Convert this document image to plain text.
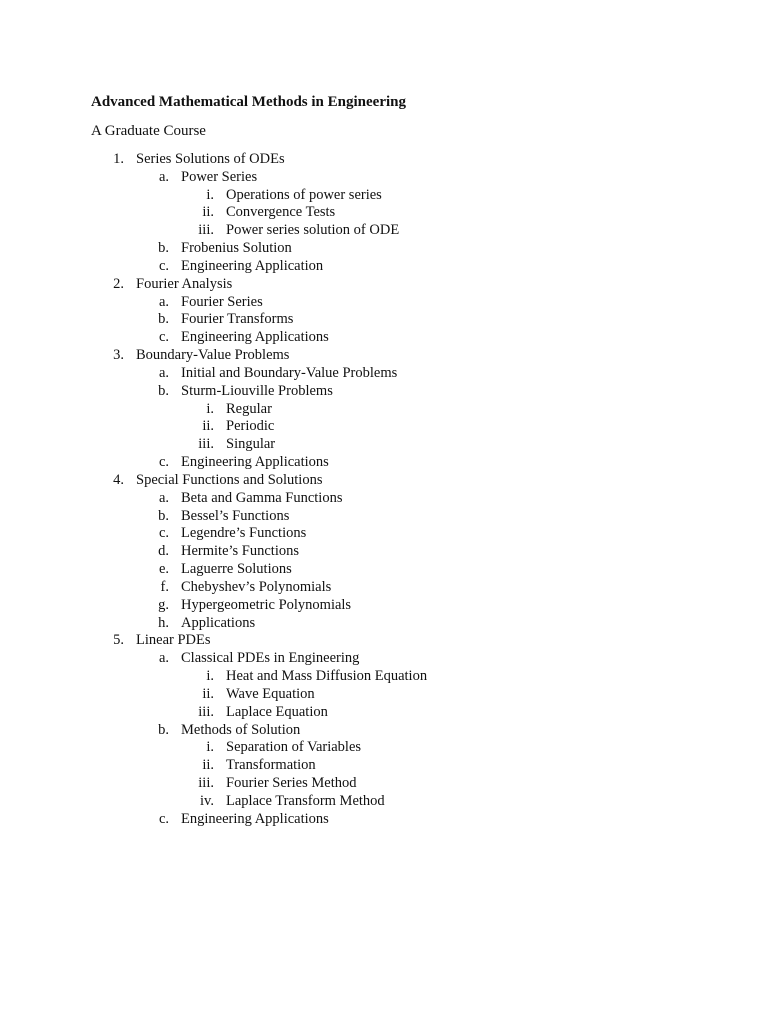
Advanced Mathematical Methods in Engineering
A Graduate Course
1. Series Solutions of ODEs
a. Power Series
i. Operations of power series
ii. Convergence Tests
iii. Power series solution of ODE
b. Frobenius Solution
c. Engineering Application
2. Fourier Analysis
a. Fourier Series
b. Fourier Transforms
c. Engineering Applications
3. Boundary-Value Problems
a. Initial and Boundary-Value Problems
b. Sturm-Liouville Problems
i. Regular
ii. Periodic
iii. Singular
c. Engineering Applications
4. Special Functions and Solutions
a. Beta and Gamma Functions
b. Bessel’s Functions
c. Legendre’s Functions
d. Hermite’s Functions
e. Laguerre Solutions
f. Chebyshev’s Polynomials
g. Hypergeometric Polynomials
h. Applications
5. Linear PDEs
a. Classical PDEs in Engineering
i. Heat and Mass Diffusion Equation
ii. Wave Equation
iii. Laplace Equation
b. Methods of Solution
i. Separation of Variables
ii. Transformation
iii. Fourier Series Method
iv. Laplace Transform Method
c. Engineering Applications
